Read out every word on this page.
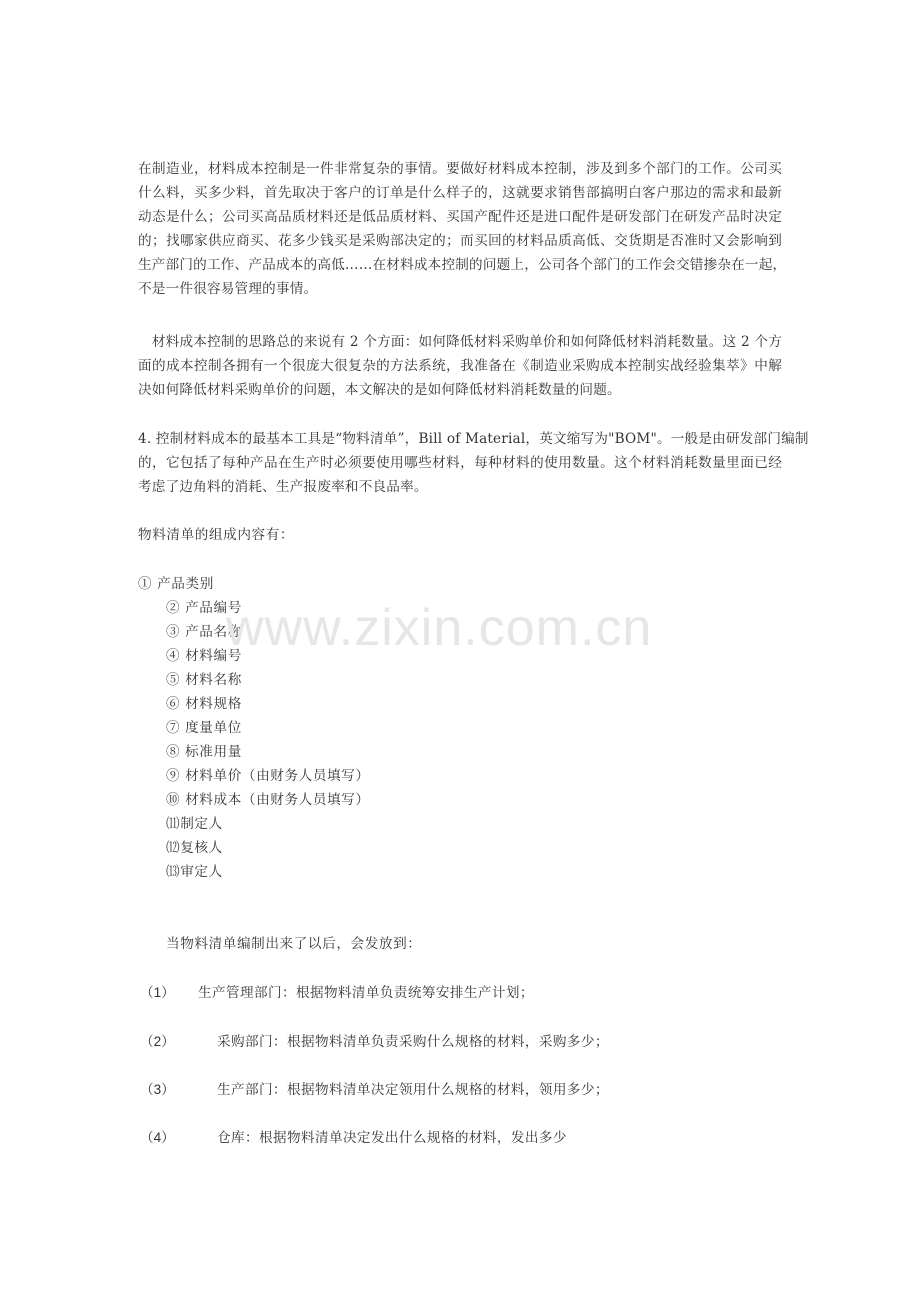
在制造业，材料成本控制是一件非常复杂的事情。要做好材料成本控制，涉及到多个部门的工作。公司买
什么料，买多少料，首先取决于客户的订单是什么样子的，这就要求销售部搞明白客户那边的需求和最新
动态是什么；公司买高品质材料还是低品质材料、买国产配件还是进口配件是研发部门在研发产品时决定
的；找哪家供应商买、花多少钱买是采购部决定的；而买回的材料品质高低、交货期是否准时又会影响到
生产部门的工作、产品成本的高低……在材料成本控制的问题上，公司各个部门的工作会交错掺杂在一起，
不是一件很容易管理的事情。
　材料成本控制的思路总的来说有 2 个方面：如何降低材料采购单价和如何降低材料消耗数量。这 2 个方
面的成本控制各拥有一个很庞大很复杂的方法系统，我准备在《制造业采购成本控制实战经验集萃》中解
决如何降低材料采购单价的问题，本文解决的是如何降低材料消耗数量的问题。
4. 控制材料成本的最基本工具是“物料清单”，Bill of Material，英文缩写为"BOM"。一般是由研发部门编制
的，它包括了每种产品在生产时必须要使用哪些材料，每种材料的使用数量。这个材料消耗数量里面已经
考虑了边角料的消耗、生产报废率和不良品率。
物料清单的组成内容有：
① 产品类别
② 产品编号
③ 产品名称
④ 材料编号
⑤ 材料名称
⑥ 材料规格
⑦ 度量单位
⑧ 标准用量
⑨ 材料单价（由财务人员填写）
⑩ 材料成本（由财务人员填写）
⑾制定人
⑿复核人
⒀审定人
当物料清单编制出来了以后，会发放到：
（1） 生产管理部门：根据物料清单负责统筹安排生产计划；
（2）	采购部门：根据物料清单负责采购什么规格的材料，采购多少；
（3）	生产部门：根据物料清单决定领用什么规格的材料，领用多少；
（4）	仓库：根据物料清单决定发出什么规格的材料，发出多少
www.zixin.com.cn
